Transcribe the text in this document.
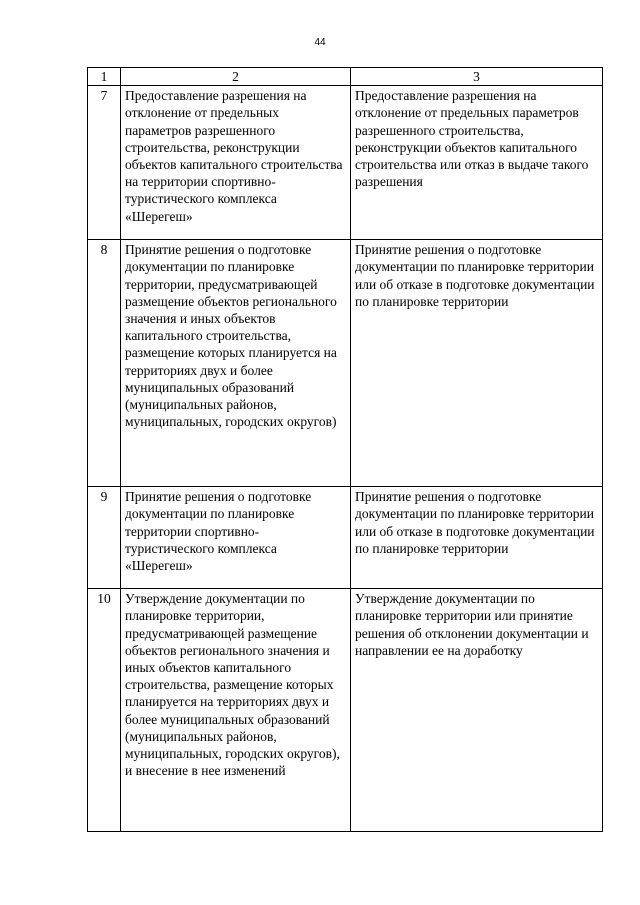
44
1	2	3
7	Предоставление разрешения на отклонение от предельных параметров разрешенного строительства, реконструкции объектов капитального строительства на территории спортивно-туристического комплекса «Шерегеш»	Предоставление разрешения на отклонение от предельных параметров разрешенного строительства, реконструкции объектов капитального строительства или отказ в выдаче такого разрешения
8	Принятие решения о подготовке документации по планировке территории, предусматривающей размещение объектов регионального значения и иных объектов капитального строительства, размещение которых планируется на территориях двух и более муниципальных образований (муниципальных районов, муниципальных, городских округов)	Принятие решения о подготовке документации по планировке территории или об отказе в подготовке документации по планировке территории
9	Принятие решения о подготовке документации по планировке территории спортивно-туристического комплекса «Шерегеш»	Принятие решения о подготовке документации по планировке территории или об отказе в подготовке документации по планировке территории
10	Утверждение документации по планировке территории, предусматривающей размещение объектов регионального значения и иных объектов капитального строительства, размещение которых планируется на территориях двух и более муниципальных образований (муниципальных районов, муниципальных, городских округов), и внесение в нее изменений	Утверждение документации по планировке территории или принятие решения об отклонении документации и направлении ее на доработку
